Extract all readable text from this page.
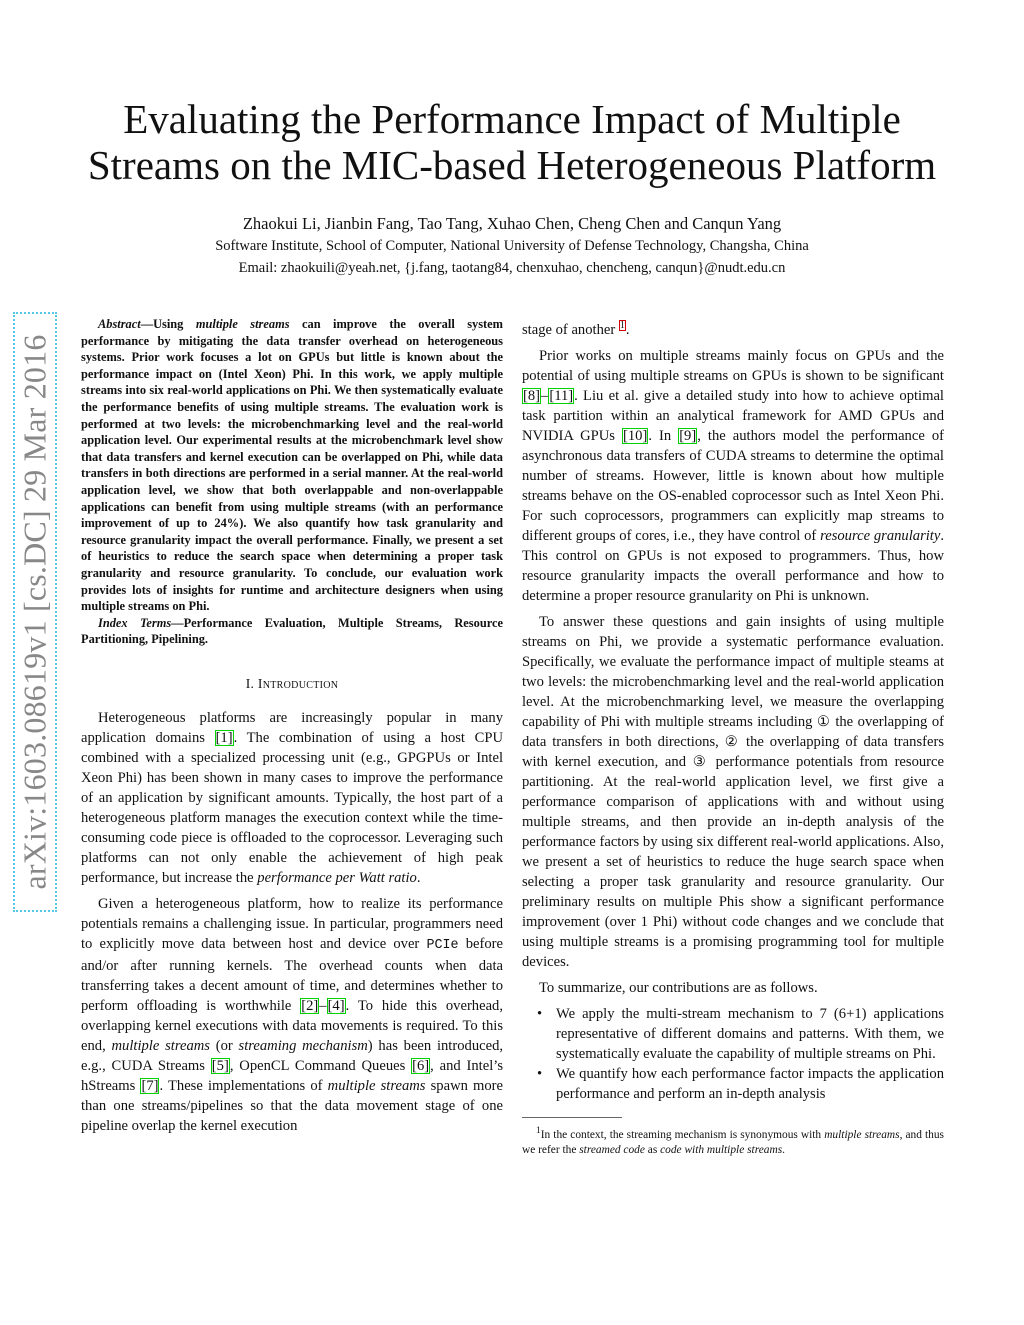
arXiv:1603.08619v1 [cs.DC] 29 Mar 2016
Evaluating the Performance Impact of Multiple
Streams on the MIC-based Heterogeneous Platform
Zhaokui Li, Jianbin Fang, Tao Tang, Xuhao Chen, Cheng Chen and Canqun Yang
Software Institute, School of Computer, National University of Defense Technology, Changsha, China
Email: zhaokuili@yeah.net, {j.fang, taotang84, chenxuhao, chencheng, canqun}@nudt.edu.cn

Abstract—Using multiple streams can improve the overall system performance by mitigating the data transfer overhead on heterogeneous systems. Prior work focuses a lot on GPUs but little is known about the performance impact on (Intel Xeon) Phi. In this work, we apply multiple streams into six real-world applications on Phi. We then systematically evaluate the performance benefits of using multiple streams. The evaluation work is performed at two levels: the microbenchmarking level and the real-world application level. Our experimental results at the microbenchmark level show that data transfers and kernel execution can be overlapped on Phi, while data transfers in both directions are performed in a serial manner. At the real-world application level, we show that both overlappable and non-overlappable applications can benefit from using multiple streams (with an performance improvement of up to 24%). We also quantify how task granularity and resource granularity impact the overall performance. Finally, we present a set of heuristics to reduce the search space when determining a proper task granularity and resource granularity. To conclude, our evaluation work provides lots of insights for runtime and architecture designers when using multiple streams on Phi.

Index Terms—Performance Evaluation, Multiple Streams, Resource Partitioning, Pipelining.

I. Introduction

Heterogeneous platforms are increasingly popular in many application domains [1]. The combination of using a host CPU combined with a specialized processing unit (e.g., GPGPUs or Intel Xeon Phi) has been shown in many cases to improve the performance of an application by significant amounts. Typically, the host part of a heterogeneous platform manages the execution context while the time-consuming code piece is offloaded to the coprocessor. Leveraging such platforms can not only enable the achievement of high peak performance, but increase the performance per Watt ratio.

Given a heterogeneous platform, how to realize its performance potentials remains a challenging issue. In particular, programmers need to explicitly move data between host and device over PCIe before and/or after running kernels. The overhead counts when data transferring takes a decent amount of time, and determines whether to perform offloading is worthwhile [2]–[4]. To hide this overhead, overlapping kernel executions with data movements is required. To this end, multiple streams (or streaming mechanism) has been introduced, e.g., CUDA Streams [5], OpenCL Command Queues [6], and Intel’s hStreams [7]. These implementations of multiple streams spawn more than one streams/pipelines so that the data movement stage of one pipeline overlap the kernel execution

stage of another $^1$.

Prior works on multiple streams mainly focus on GPUs and the potential of using multiple streams on GPUs is shown to be significant [8]–[11]. Liu et al. give a detailed study into how to achieve optimal task partition within an analytical framework for AMD GPUs and NVIDIA GPUs [10]. In [9], the authors model the performance of asynchronous data transfers of CUDA streams to determine the optimal number of streams. However, little is known about how multiple streams behave on the OS-enabled coprocessor such as Intel Xeon Phi. For such coprocessors, programmers can explicitly map streams to different groups of cores, i.e., they have control of resource granularity. This control on GPUs is not exposed to programmers. Thus, how resource granularity impacts the overall performance and how to determine a proper resource granularity on Phi is unknown.

To answer these questions and gain insights of using multiple streams on Phi, we provide a systematic performance evaluation. Specifically, we evaluate the performance impact of multiple steams at two levels: the microbenchmarking level and the real-world application level. At the microbenchmarking level, we measure the overlapping capability of Phi with multiple streams including ① the overlapping of data transfers in both directions, ② the overlapping of data transfers with kernel execution, and ③ performance potentials from resource partitioning. At the real-world application level, we first give a performance comparison of applications with and without using multiple streams, and then provide an in-depth analysis of the performance factors by using six different real-world applications. Also, we present a set of heuristics to reduce the huge search space when selecting a proper task granularity and resource granularity. Our preliminary results on multiple Phis show a significant performance improvement (over 1 Phi) without code changes and we conclude that using multiple streams is a promising programming tool for multiple devices.

To summarize, our contributions are as follows.

• We apply the multi-stream mechanism to 7 (6+1) applications representative of different domains and patterns. With them, we systematically evaluate the capability of multiple streams on Phi.
• We quantify how each performance factor impacts the application performance and perform an in-depth analysis

$^1$In the context, the streaming mechanism is synonymous with multiple streams, and thus we refer the streamed code as code with multiple streams.
